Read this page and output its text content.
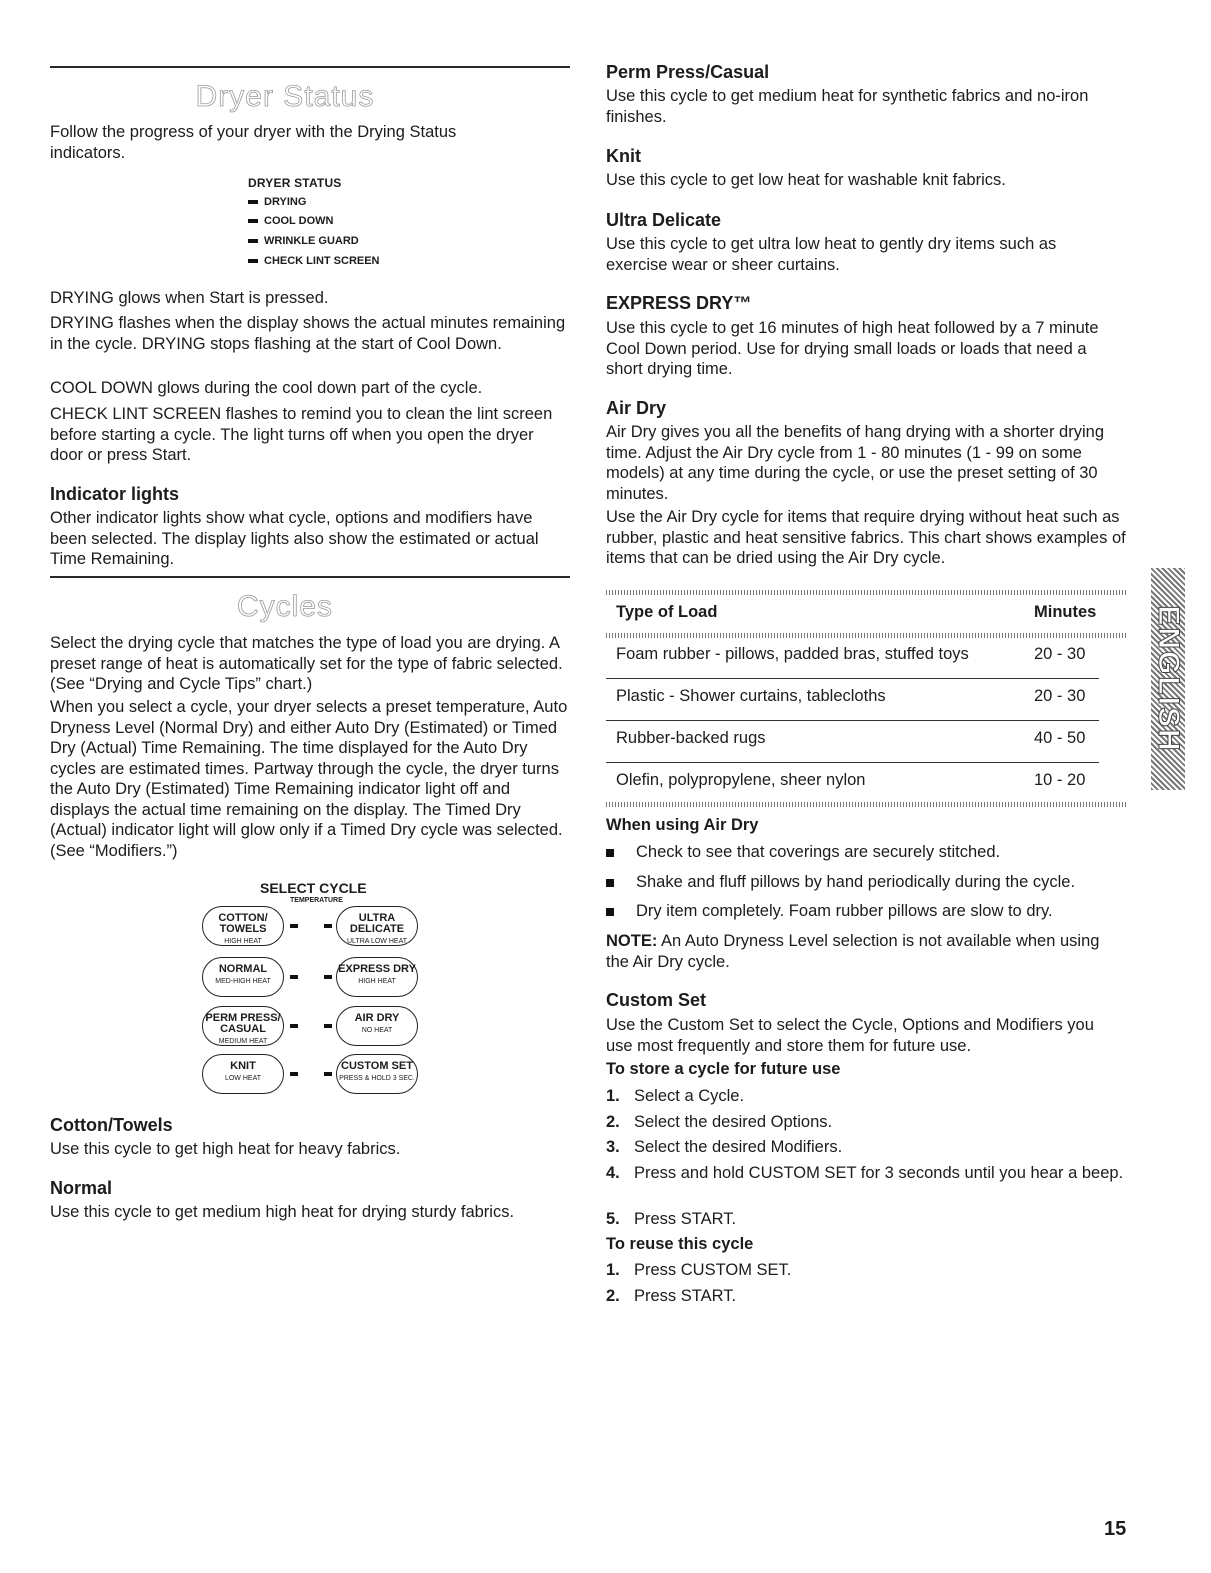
Dryer Status

Follow the progress of your dryer with the Drying Status indicators.

DRYER STATUS
DRYING
COOL DOWN
WRINKLE GUARD
CHECK LINT SCREEN

DRYING glows when Start is pressed.

DRYING flashes when the display shows the actual minutes remaining in the cycle. DRYING stops flashing at the start of Cool Down.

COOL DOWN glows during the cool down part of the cycle.

CHECK LINT SCREEN flashes to remind you to clean the lint screen before starting a cycle. The light turns off when you open the dryer door or press Start.

Indicator lights

Other indicator lights show what cycle, options and modifiers have been selected. The display lights also show the estimated or actual Time Remaining.

Cycles

Select the drying cycle that matches the type of load you are drying. A preset range of heat is automatically set for the type of fabric selected. (See “Drying and Cycle Tips” chart.)

When you select a cycle, your dryer selects a preset temperature, Auto Dryness Level (Normal Dry) and either Auto Dry (Estimated) or Timed Dry (Actual) Time Remaining. The time displayed for the Auto Dry cycles are estimated times. Partway through the cycle, the dryer turns the Auto Dry (Estimated) Time Remaining indicator light off and displays the actual time remaining on the display. The Timed Dry (Actual) indicator light will glow only if a Timed Dry cycle was selected. (See “Modifiers.”)

SELECT CYCLE
TEMPERATURE
COTTON/ TOWELS
HIGH HEAT
ULTRA DELICATE
ULTRA LOW HEAT
NORMAL
MED-HIGH HEAT
EXPRESS DRY
HIGH HEAT
PERM PRESS/ CASUAL
MEDIUM HEAT
AIR DRY
NO HEAT
KNIT
LOW HEAT
CUSTOM SET
PRESS & HOLD 3 SEC.
Cotton/Towels

Use this cycle to get high heat for heavy fabrics.

Normal

Use this cycle to get medium high heat for drying sturdy fabrics.

Perm Press/Casual

Use this cycle to get medium heat for synthetic fabrics and no-iron finishes.

Knit

Use this cycle to get low heat for washable knit fabrics.

Ultra Delicate

Use this cycle to get ultra low heat to gently dry items such as exercise wear or sheer curtains.

EXPRESS DRY™

Use this cycle to get 16 minutes of high heat followed by a 7 minute Cool Down period. Use for drying small loads or loads that need a short drying time.

Air Dry

Air Dry gives you all the benefits of hang drying with a shorter drying time. Adjust the Air Dry cycle from 1 - 80 minutes (1 - 99 on some models) at any time during the cycle, or use the preset setting of 30 minutes.

Use the Air Dry cycle for items that require drying without heat such as rubber, plastic and heat sensitive fabrics. This chart shows examples of items that can be dried using the Air Dry cycle.

Type of Load	Minutes
Foam rubber - pillows, padded bras, stuffed toys	20 - 30
Plastic - Shower curtains, tablecloths	20 - 30
Rubber-backed rugs	40 - 50
Olefin, polypropylene, sheer nylon	10 - 20
When using Air Dry

Check to see that coverings are securely stitched.

Shake and fluff pillows by hand periodically during the cycle.

Dry item completely. Foam rubber pillows are slow to dry.

NOTE: An Auto Dryness Level selection is not available when using the Air Dry cycle.

Custom Set

Use the Custom Set to select the Cycle, Options and Modifiers you use most frequently and store them for future use.

To store a cycle for future use
1. Select a Cycle.
2. Select the desired Options.
3. Select the desired Modifiers.
4. Press and hold CUSTOM SET for 3 seconds until you hear a beep.
5. Press START.
To reuse this cycle
1. Press CUSTOM SET.
2. Press START.
ENGLISH
15
